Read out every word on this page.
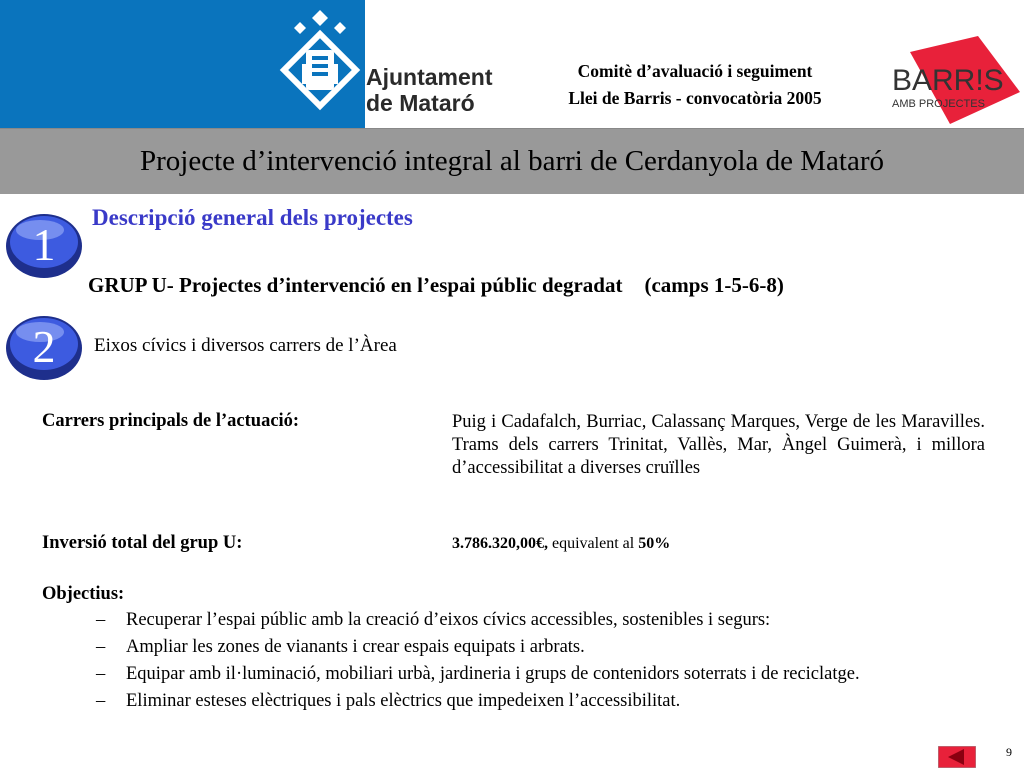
Ajuntament
de Mataró
Comitè d’avaluació i seguiment
Llei de Barris - convocatòria 2005
BARR!S
AMB PROJECTES
Projecte d’intervenció integral al barri de Cerdanyola de Mataró
1
2
Descripció general dels projectes
GRUP U- Projectes d’intervenció en l’espai públic degradat (camps 1-5-6-8)
Eixos cívics i diversos carrers de l’Àrea
Carrers principals de l’actuació:	Puig i Cadafalch, Burriac, Calassanç Marques, Verge de les Maravilles. Trams dels carrers Trinitat, Vallès, Mar, Àngel Guimerà, i millora d’accessibilitat a diverses cruïlles
Inversió total del grup U:	3.786.320,00€, equivalent al 50%
Objectius:
– Recuperar l’espai públic amb la creació d’eixos cívics accessibles, sostenibles i segurs:
– Ampliar les zones de vianants i crear espais equipats i arbrats.
– Equipar amb il·luminació, mobiliari urbà, jardineria i grups de contenidors soterrats i de reciclatge.
– Eliminar esteses elèctriques i pals elèctrics que impedeixen l’accessibilitat.
9
